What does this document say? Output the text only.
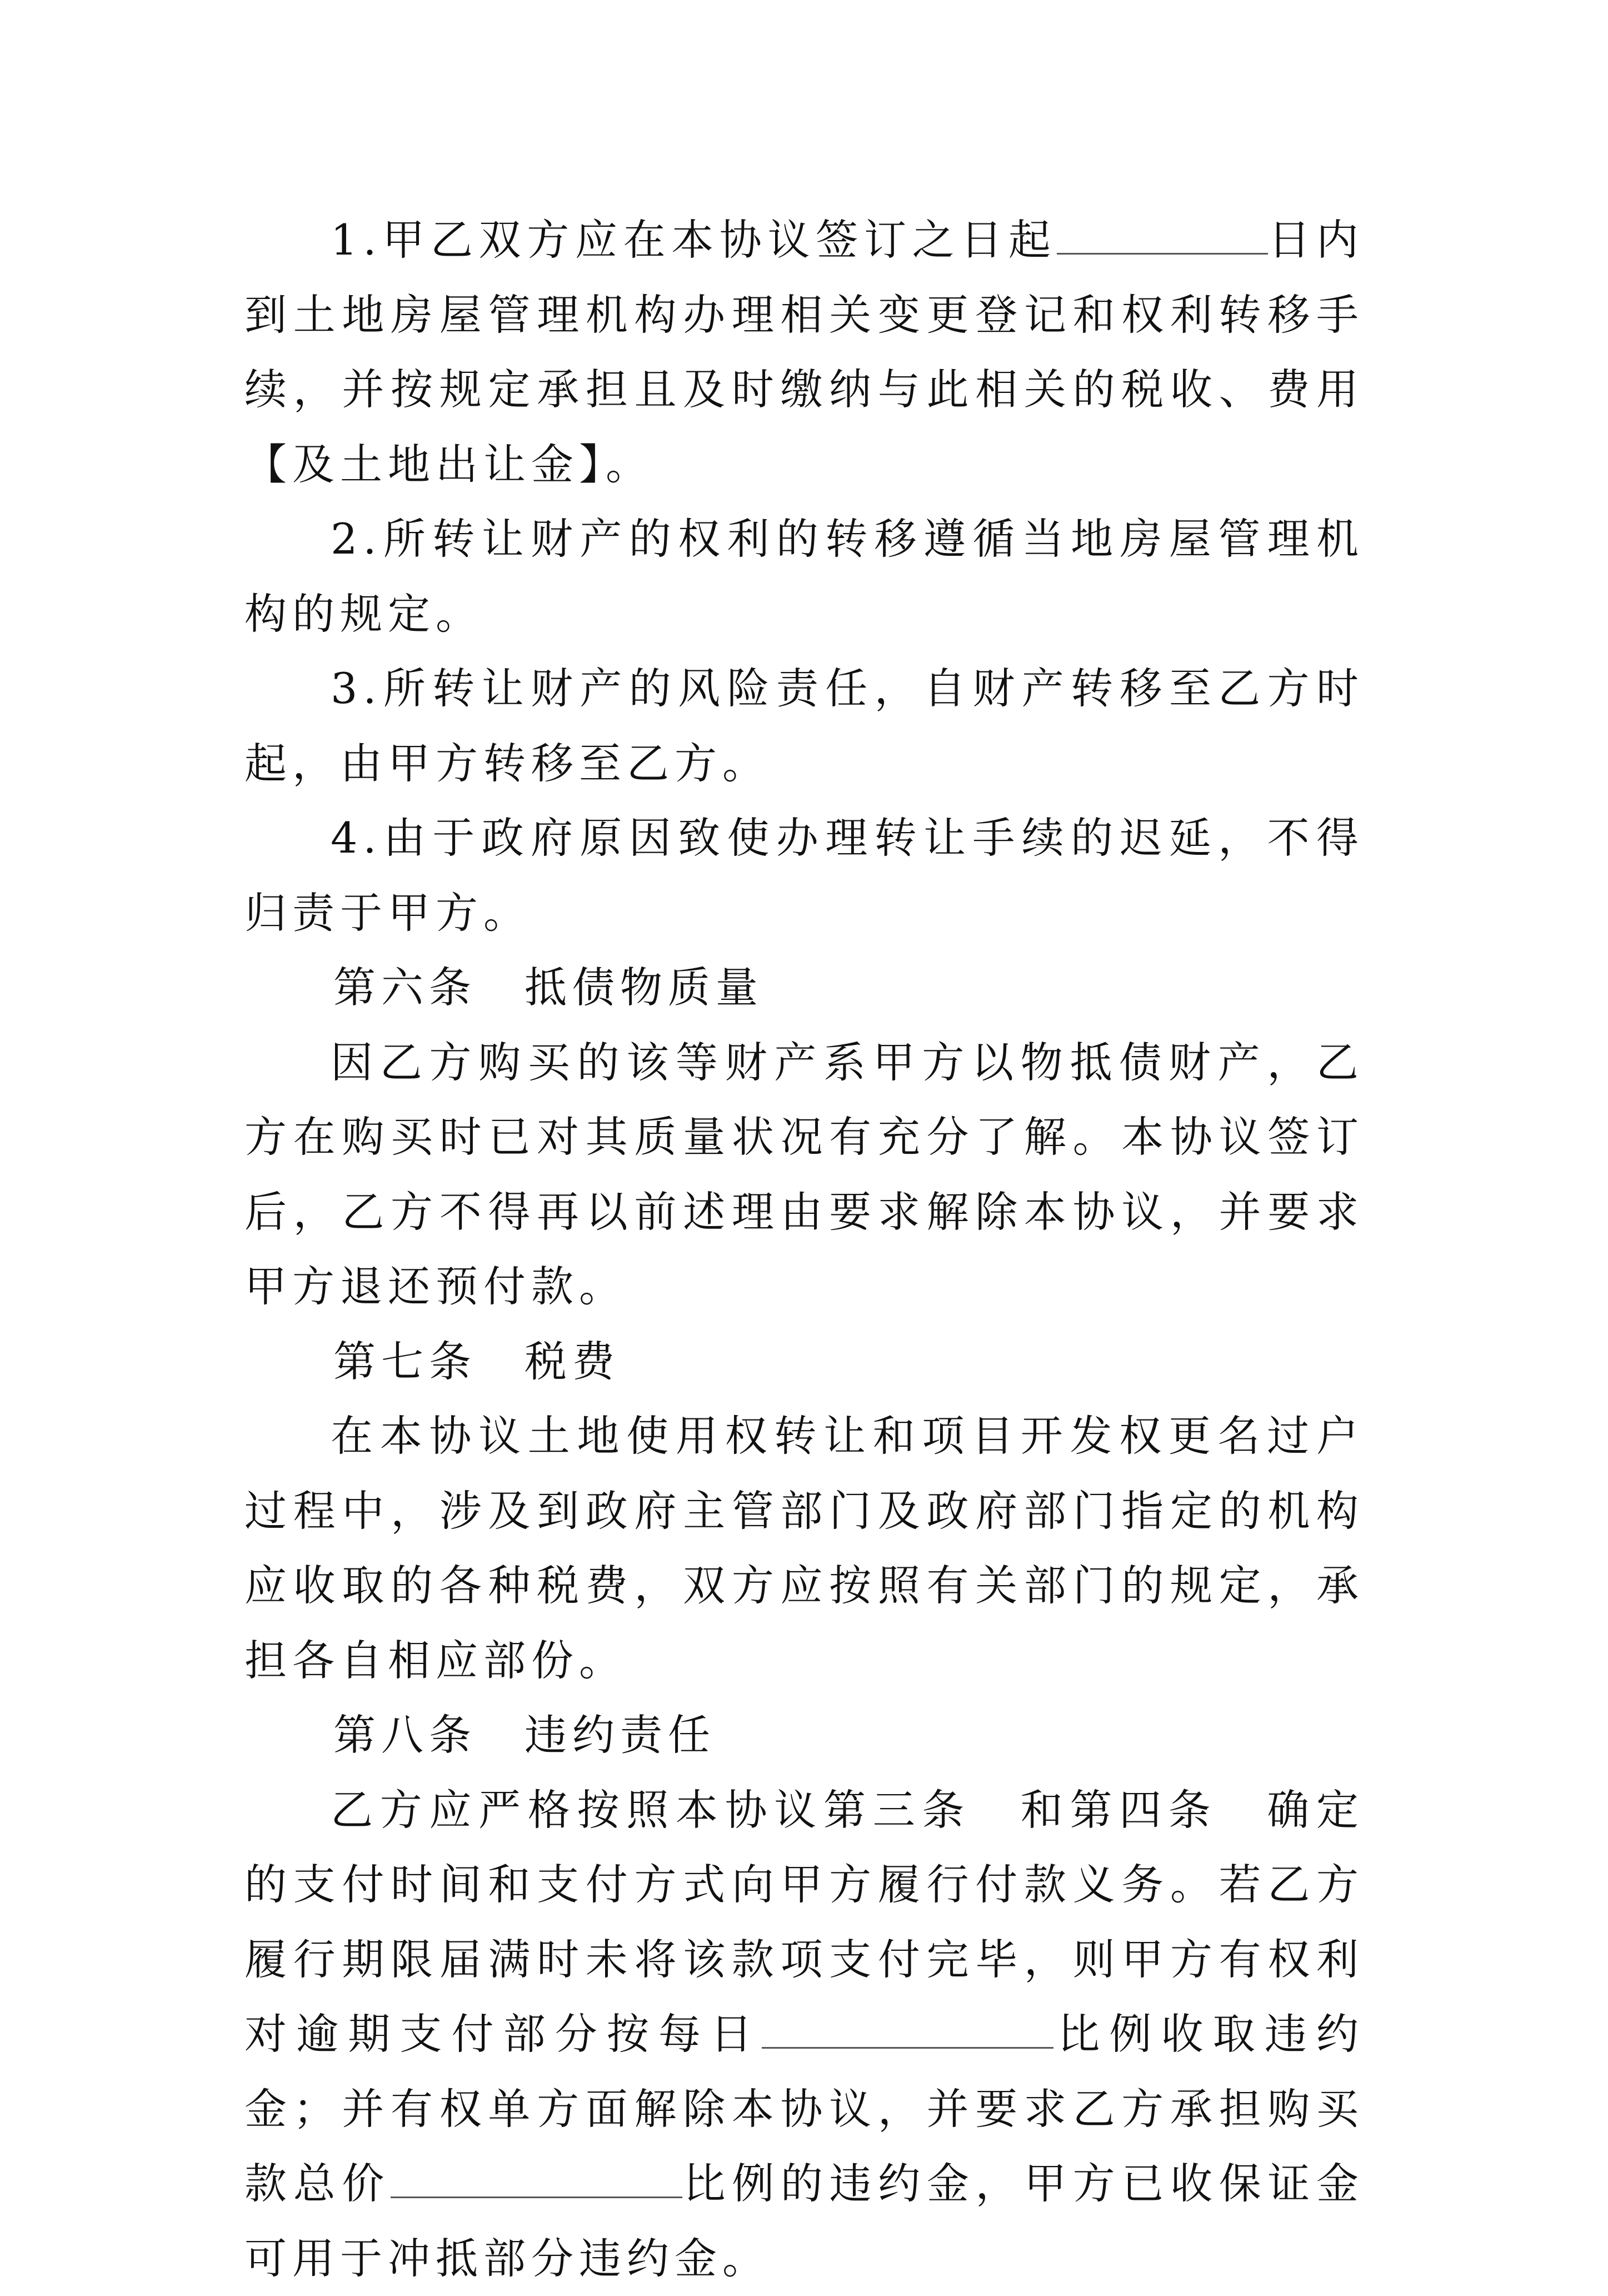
1.甲乙双方应在本协议签订之日起	日内到土地房屋管理机构办理相关变更登记和权利转移手续，并按规定承担且及时缴纳与此相关的税收、费用【及土地出让金】。

2.所转让财产的权利的转移遵循当地房屋管理机构的规定。

3.所转让财产的风险责任，自财产转移至乙方时起，由甲方转移至乙方。

4.由于政府原因致使办理转让手续的迟延，不得归责于甲方。

第六条　抵债物质量

因乙方购买的该等财产系甲方以物抵债财产，乙方在购买时已对其质量状况有充分了解。本协议签订后，乙方不得再以前述理由要求解除本协议，并要求甲方退还预付款。

第七条　税费

在本协议土地使用权转让和项目开发权更名过户过程中，涉及到政府主管部门及政府部门指定的机构应收取的各种税费，双方应按照有关部门的规定，承担各自相应部份。

第八条　违约责任

乙方应严格按照本协议第三条　和第四条　确定的支付时间和支付方式向甲方履行付款义务。若乙方履行期限届满时未将该款项支付完毕，则甲方有权利对逾期支付部分按每日	比例收取违约金；并有权单方面解除本协议，并要求乙方承担购买款总价	比例的违约金，甲方已收保证金可用于冲抵部分违约金。
